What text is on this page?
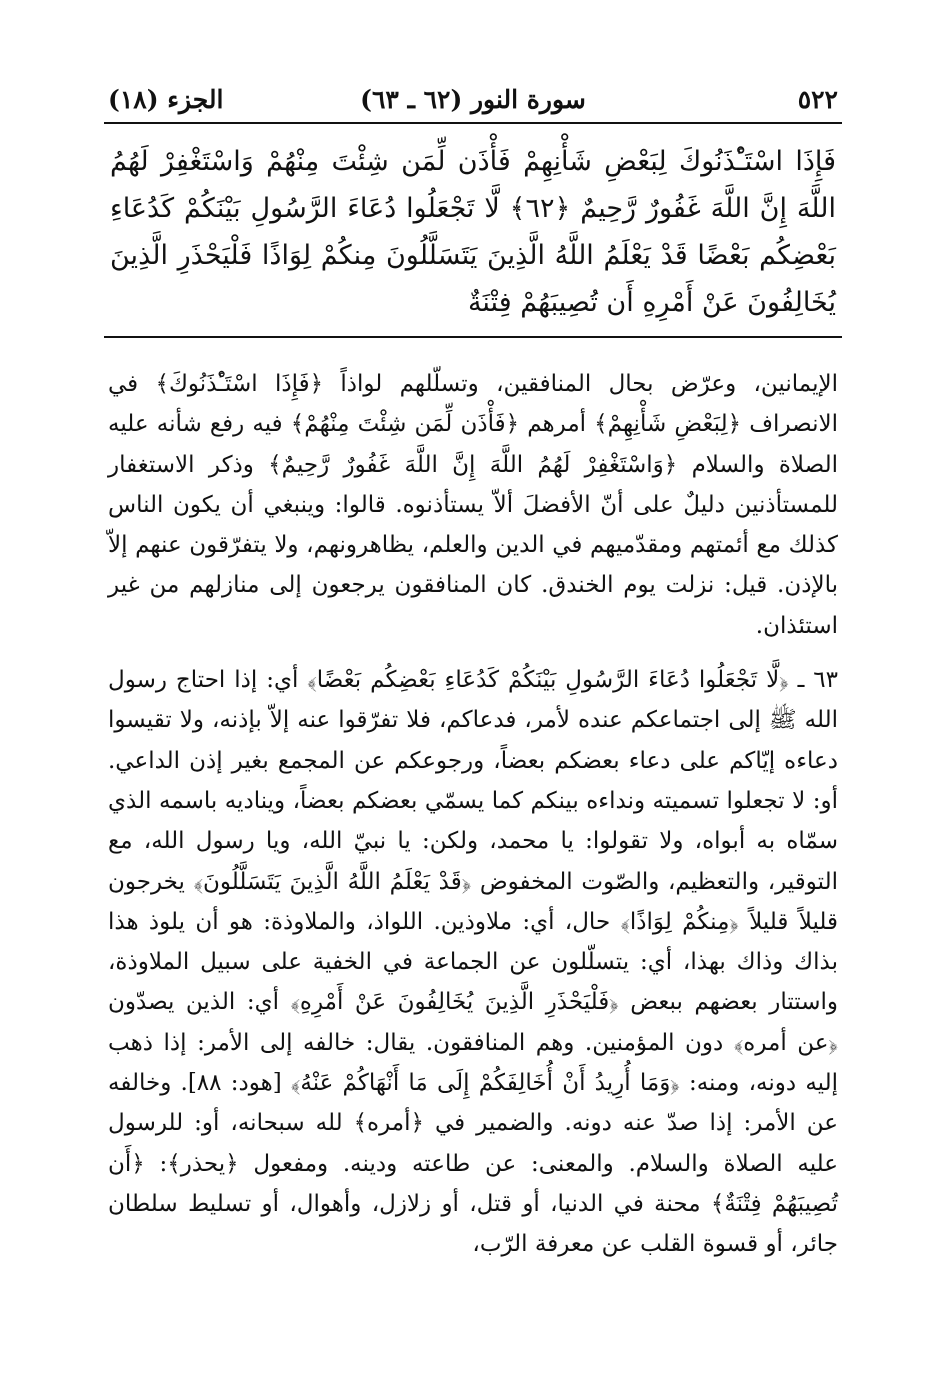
٥٢٢
سورة النور (٦٢ ـ ٦٣)
الجزء (١٨)
فَإِذَا اسْتَـْٔذَنُوكَ لِبَعْضِ شَأْنِهِمْ فَأْذَن لِّمَن شِئْتَ مِنْهُمْ وَاسْتَغْفِرْ لَهُمُ اللَّهَ إِنَّ اللَّهَ غَفُورٌ رَّحِيمٌ ﴿٦٢﴾ لَّا تَجْعَلُوا دُعَاءَ الرَّسُولِ بَيْنَكُمْ كَدُعَاءِ بَعْضِكُم بَعْضًا قَدْ يَعْلَمُ اللَّهُ الَّذِينَ يَتَسَلَّلُونَ مِنكُمْ لِوَاذًا فَلْيَحْذَرِ الَّذِينَ يُخَالِفُونَ عَنْ أَمْرِهِ أَن تُصِيبَهُمْ فِتْنَةٌ

الإيمانين، وعرّض بحال المنافقين، وتسلّلهم لواذاً ﴿فَإِذَا اسْتَـْٔذَنُوكَ﴾ في الانصراف ﴿لِبَعْضِ شَأْنِهِمْ﴾ أمرهم ﴿فَأْذَن لِّمَن شِئْتَ مِنْهُمْ﴾ فيه رفع شأنه عليه الصلاة والسلام ﴿وَاسْتَغْفِرْ لَهُمُ اللَّهَ إِنَّ اللَّهَ غَفُورٌ رَّحِيمٌ﴾ وذكر الاستغفار للمستأذنين دليلٌ على أنّ الأفضلَ ألاّ يستأذنوه. قالوا: وينبغي أن يكون الناس كذلك مع أئمتهم ومقدّميهم في الدين والعلم، يظاهرونهم، ولا يتفرّقون عنهم إلاّ بالإذن. قيل: نزلت يوم الخندق. كان المنافقون يرجعون إلى منازلهم من غير استئذان.

٦٣ ـ ﴿لَّا تَجْعَلُوا دُعَاءَ الرَّسُولِ بَيْنَكُمْ كَدُعَاءِ بَعْضِكُم بَعْضًا﴾ أي: إذا احتاج رسول الله ﷺ إلى اجتماعكم عنده لأمر، فدعاكم، فلا تفرّقوا عنه إلاّ بإذنه، ولا تقيسوا دعاءه إيّاكم على دعاء بعضكم بعضاً، ورجوعكم عن المجمع بغير إذن الداعي. أو: لا تجعلوا تسميته ونداءه بينكم كما يسمّي بعضكم بعضاً، ويناديه باسمه الذي سمّاه به أبواه، ولا تقولوا: يا محمد، ولكن: يا نبيّ الله، ويا رسول الله، مع التوقير، والتعظيم، والصّوت المخفوض ﴿قَدْ يَعْلَمُ اللَّهُ الَّذِينَ يَتَسَلَّلُونَ﴾ يخرجون قليلاً قليلاً ﴿مِنكُمْ لِوَاذًا﴾ حال، أي: ملاوذين. اللواذ، والملاوذة: هو أن يلوذ هذا بذاك وذاك بهذا، أي: يتسلّلون عن الجماعة في الخفية على سبيل الملاوذة، واستتار بعضهم ببعض ﴿فَلْيَحْذَرِ الَّذِينَ يُخَالِفُونَ عَنْ أَمْرِهِ﴾ أي: الذين يصدّون ﴿عن أمره﴾ دون المؤمنين. وهم المنافقون. يقال: خالفه إلى الأمر: إذا ذهب إليه دونه، ومنه: ﴿وَمَا أُرِيدُ أَنْ أُخَالِفَكُمْ إِلَى مَا أَنْهَاكُمْ عَنْهُ﴾ [هود: ٨٨]. وخالفه عن الأمر: إذا صدّ عنه دونه. والضمير في ﴿أمره﴾ لله سبحانه، أو: للرسول عليه الصلاة والسلام. والمعنى: عن طاعته ودينه. ومفعول ﴿يحذر﴾: ﴿أَن تُصِيبَهُمْ فِتْنَةٌ﴾ محنة في الدنيا، أو قتل، أو زلازل، وأهوال، أو تسليط سلطان جائر، أو قسوة القلب عن معرفة الرّب،
